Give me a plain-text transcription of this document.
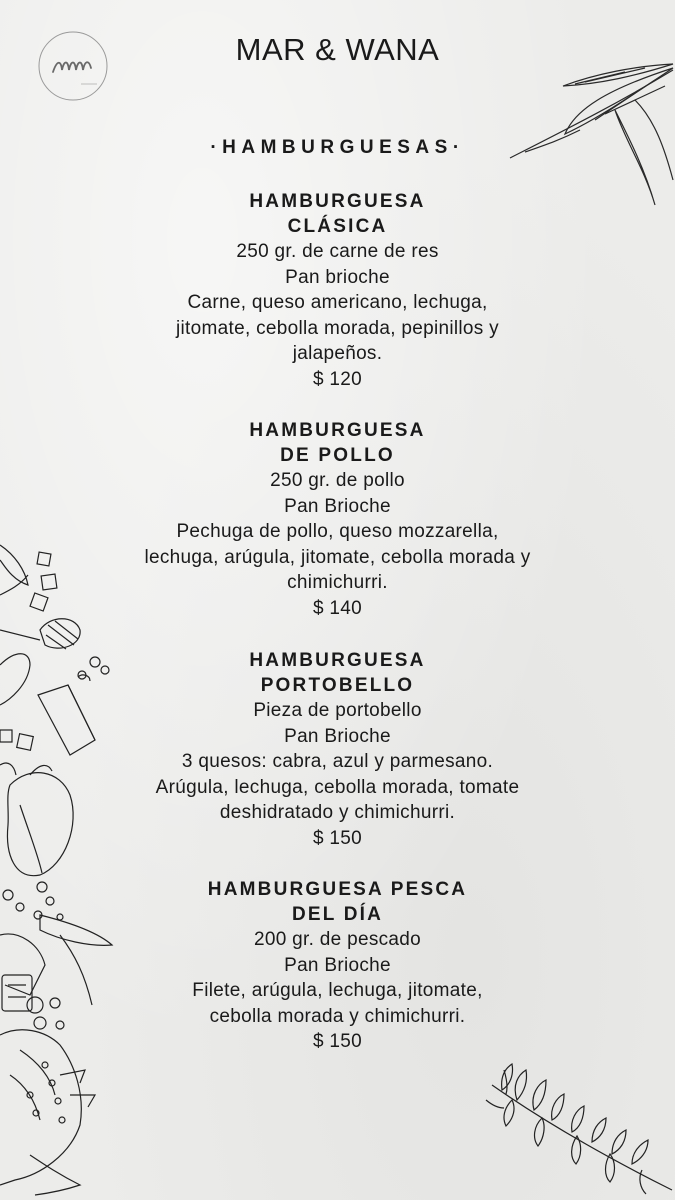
MAR & WANA
·HAMBURGUESAS·
HAMBURGUESA
CLÁSICA
250 gr. de carne de res
Pan brioche
Carne, queso americano, lechuga,
jitomate, cebolla morada, pepinillos y
jalapeños.
$ 120
HAMBURGUESA
DE POLLO
250 gr. de pollo
Pan Brioche
Pechuga de pollo, queso mozzarella,
lechuga, arúgula, jitomate, cebolla morada y
chimichurri.
$ 140
HAMBURGUESA
PORTOBELLO
Pieza de portobello
Pan Brioche
3 quesos: cabra, azul y parmesano.
Arúgula, lechuga, cebolla morada, tomate
deshidratado y chimichurri.
$ 150
HAMBURGUESA PESCA
DEL DÍA
200 gr. de pescado
Pan Brioche
Filete, arúgula, lechuga, jitomate,
cebolla morada y chimichurri.
$ 150
